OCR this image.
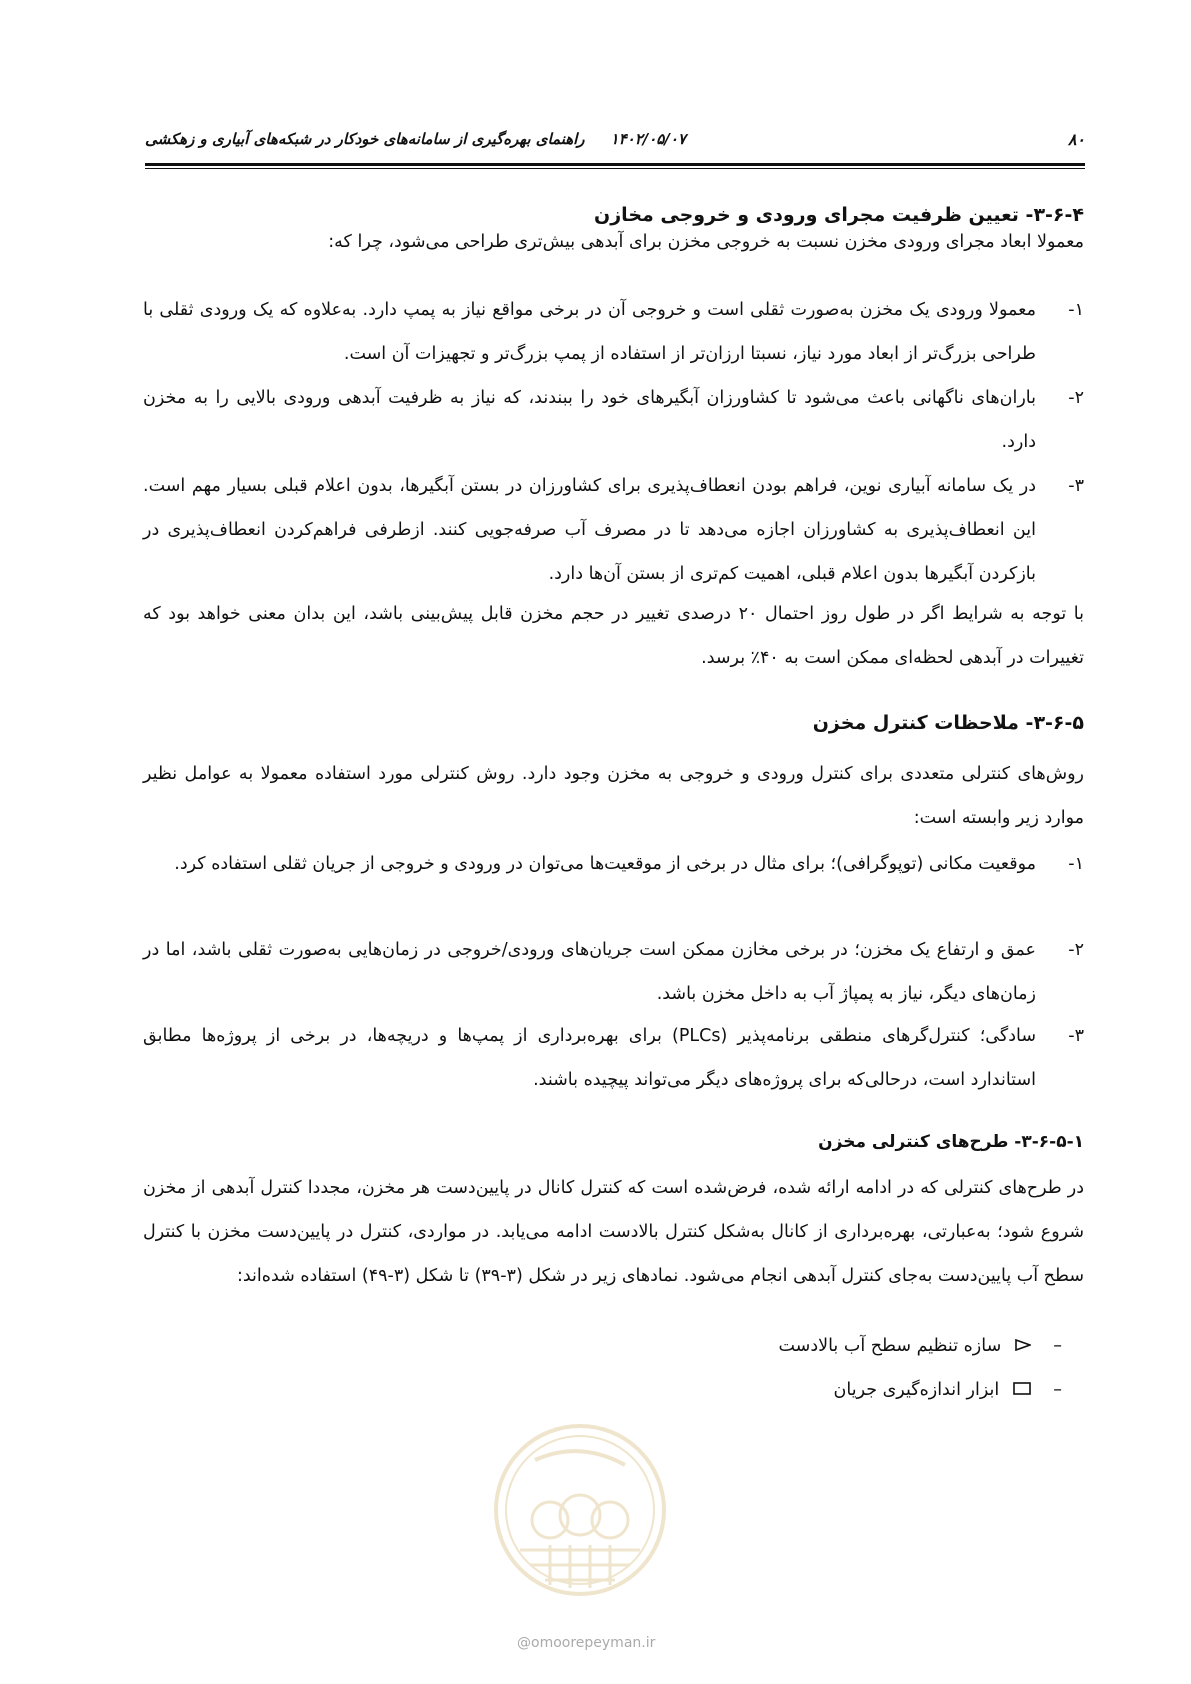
۸۰
۱۴۰۲/۰۵/۰۷راهنمای بهره‌گیری از سامانه‌های خودکار در شبکه‌های آبیاری و زهکشی
۳-۶-۴- تعیین ظرفیت مجرای ورودی و خروجی مخازن

معمولا ابعاد مجرای ورودی مخزن نسبت به خروجی مخزن برای آبدهی بیش‌تری طراحی می‌شود، چرا که:

۱-
معمولا ورودی یک مخزن به‌صورت ثقلی است و خروجی آن در برخی مواقع نیاز به پمپ دارد. به‌علاوه که یک ورودی ثقلی با طراحی بزرگ‌تر از ابعاد مورد نیاز، نسبتا ارزان‌تر از استفاده از پمپ بزرگ‌تر و تجهیزات آن است.
۲-
باران‌های ناگهانی باعث می‌شود تا کشاورزان آبگیرهای خود را ببندند، که نیاز به ظرفیت آبدهی ورودی بالایی را به مخزن دارد.
۳-
در یک سامانه آبیاری نوین، فراهم بودن انعطاف‌پذیری برای کشاورزان در بستن آبگیرها، بدون اعلام قبلی بسیار مهم است. این انعطاف‌پذیری به کشاورزان اجازه می‌دهد تا در مصرف آب صرفه‌جویی کنند. ازطرفی فراهم‌کردن انعطاف‌پذیری در بازکردن آبگیرها بدون اعلام قبلی، اهمیت کم‌تری از بستن آن‌ها دارد.

با توجه به شرایط اگر در طول روز احتمال ۲۰ درصدی تغییر در حجم مخزن قابل پیش‌بینی باشد، این بدان معنی خواهد بود که تغییرات در آبدهی لحظه‌ای ممکن است به ۴۰٪ برسد.

۳-۶-۵- ملاحظات کنترل مخزن

روش‌های کنترلی متعددی برای کنترل ورودی و خروجی به مخزن وجود دارد. روش کنترلی مورد استفاده معمولا به عوامل نظیر موارد زیر وابسته است:

۱-
موقعیت مکانی (توپوگرافی)؛ برای مثال در برخی از موقعیت‌ها می‌توان در ورودی و خروجی از جریان ثقلی استفاده کرد.
۲-
عمق و ارتفاع یک مخزن؛ در برخی مخازن ممکن است جریان‌های ورودی/خروجی در زمان‌هایی به‌صورت ثقلی باشد، اما در زمان‌های دیگر، نیاز به پمپاژ آب به داخل مخزن باشد.
۳-
سادگی؛ کنترل‌گرهای منطقی برنامه‌پذیر (PLCs) برای بهره‌برداری از پمپ‌ها و دریچه‌ها، در برخی از پروژه‌ها مطابق استاندارد است، درحالی‌که برای پروژه‌های دیگر می‌تواند پیچیده باشند.
۳-۶-۵-۱- طرح‌های کنترلی مخزن

در طرح‌های کنترلی که در ادامه ارائه شده، فرض‌شده است که کنترل کانال در پایین‌دست هر مخزن، مجددا کنترل آبدهی از مخزن شروع شود؛ به‌عبارتی، بهره‌برداری از کانال به‌شکل کنترل بالادست ادامه می‌یابد. در مواردی، کنترل در پایین‌دست مخزن با کنترل سطح آب پایین‌دست به‌جای کنترل آبدهی انجام می‌شود. نمادهای زیر در شکل (۳-۳۹) تا شکل (۳-۴۹) استفاده شده‌اند:

–سازه تنظیم سطح آب بالادست
–ابزار اندازه‌گیری جریان
@omoorepeyman.ir
